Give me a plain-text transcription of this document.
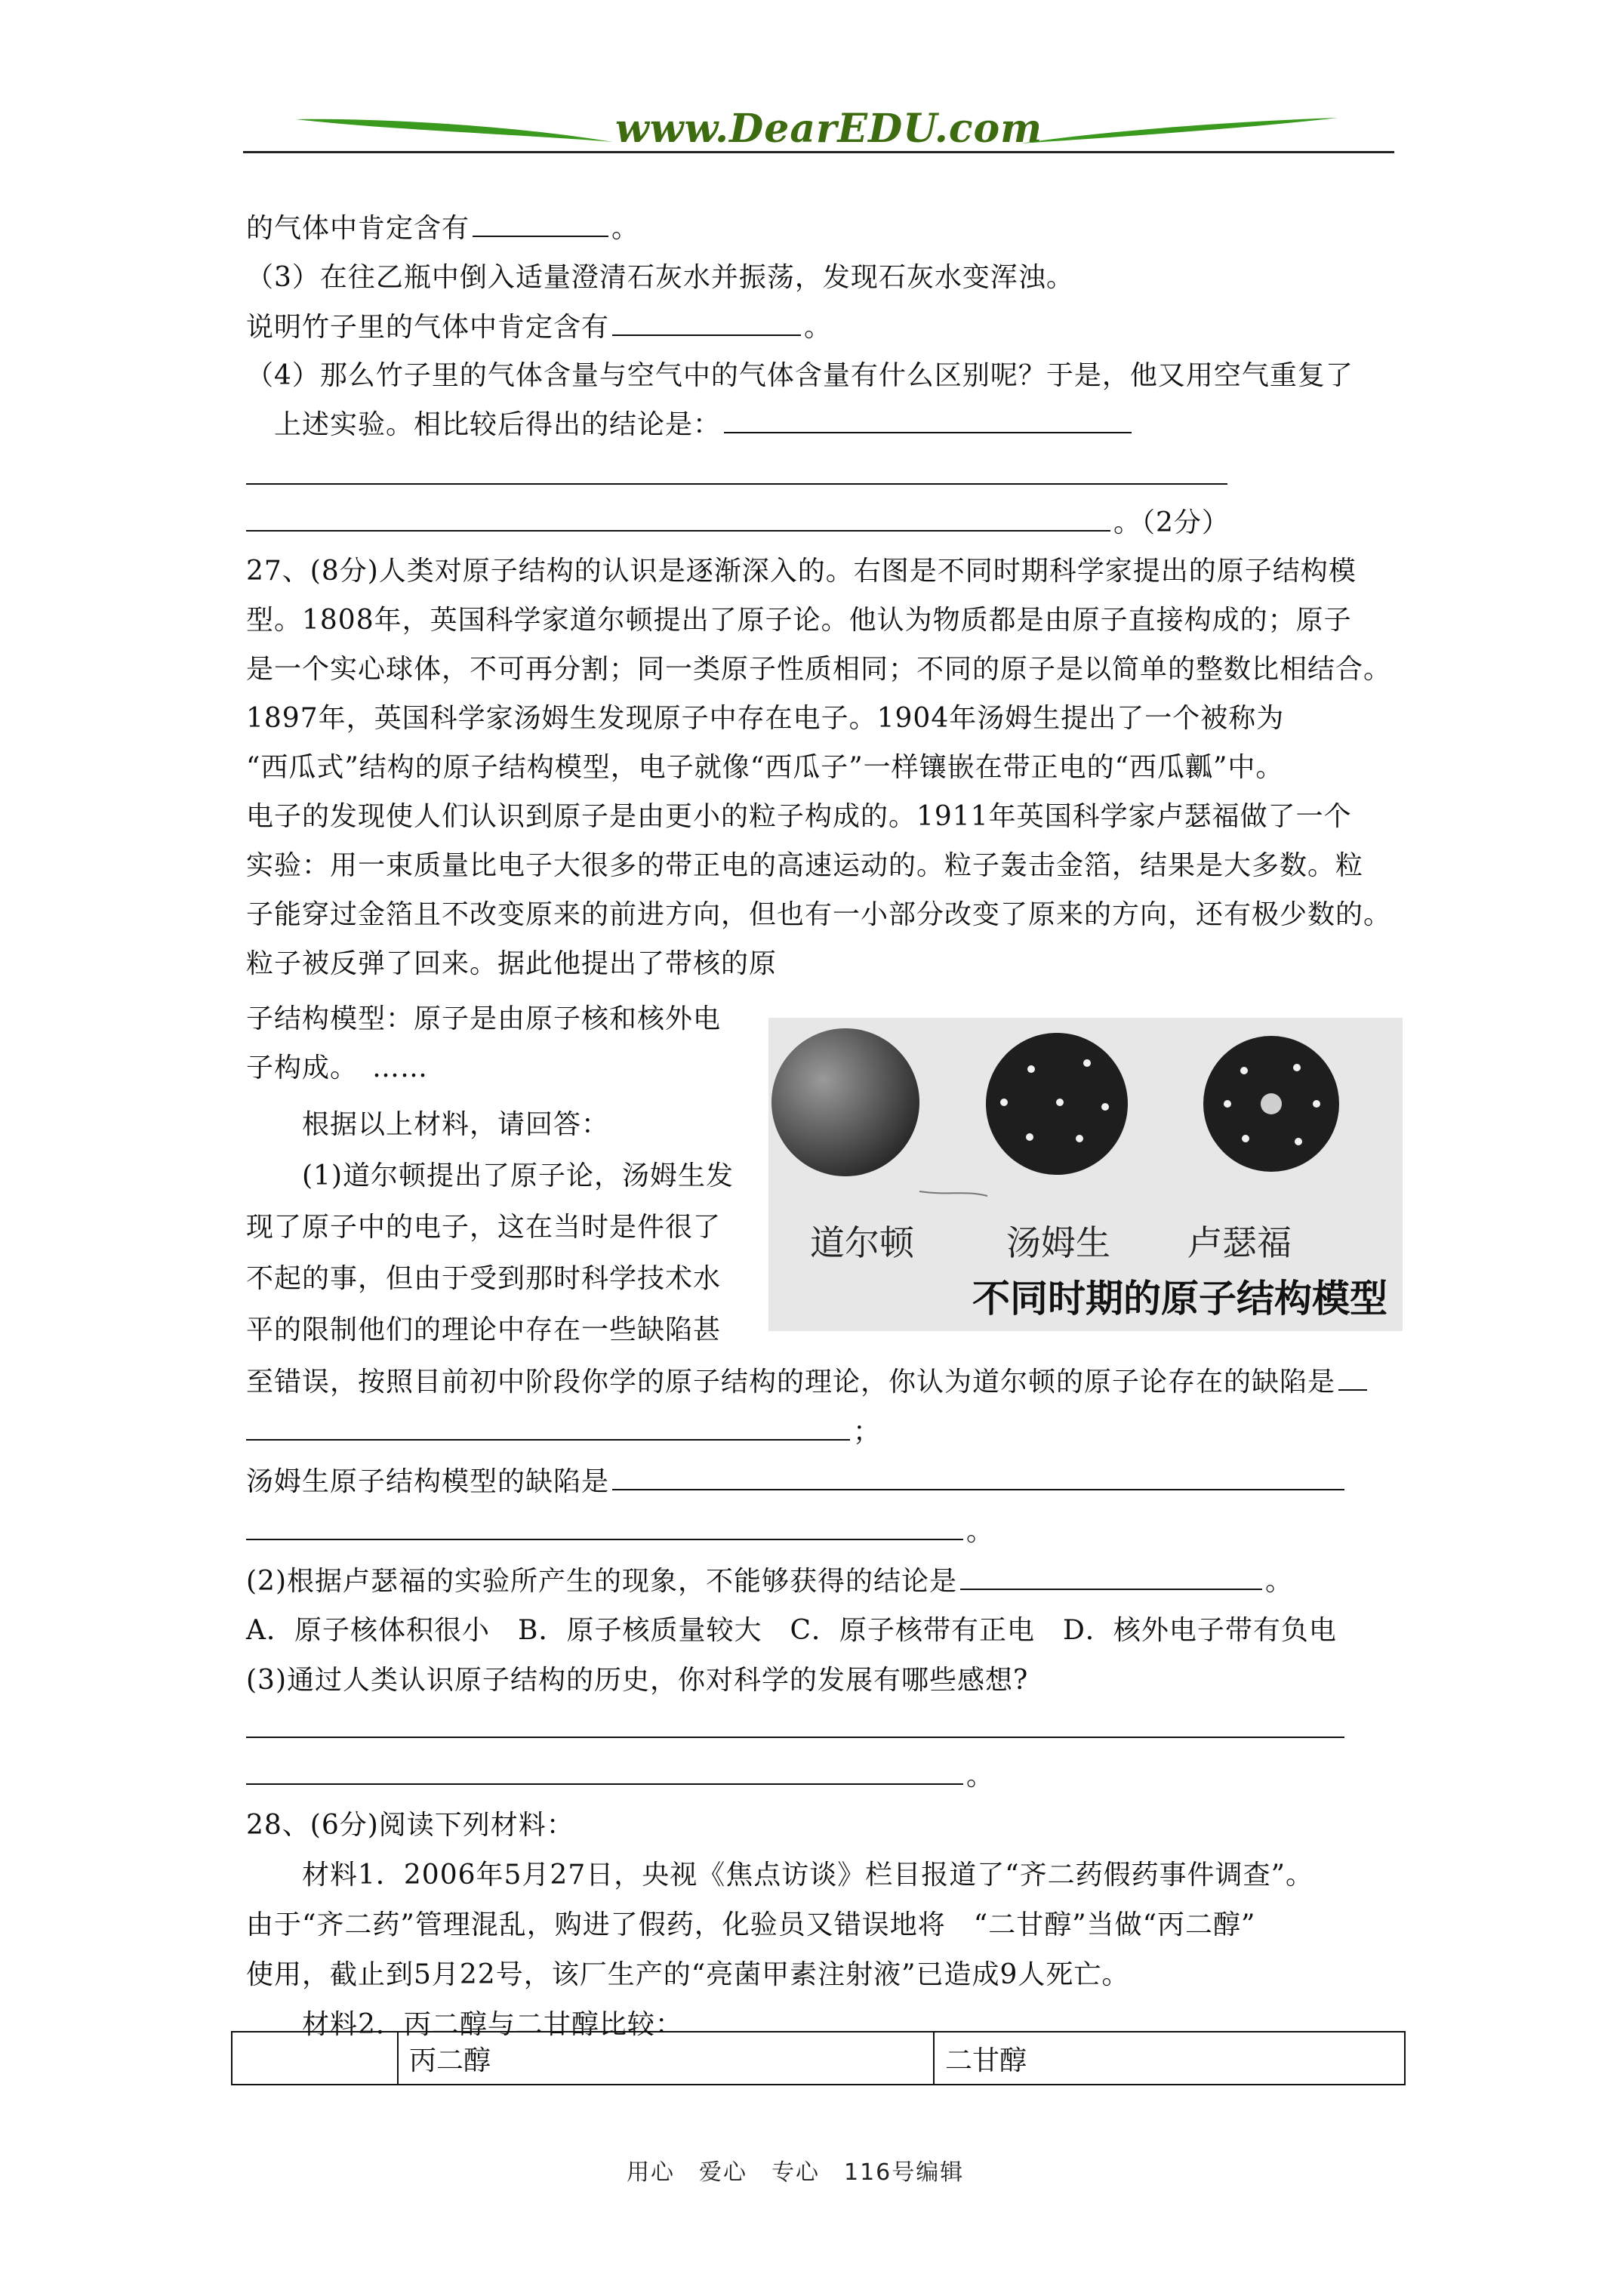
www.DearEDU.com
的气体中肯定含有	。
（3）在往乙瓶中倒入适量澄清石灰水并振荡，发现石灰水变浑浊。
说明竹子里的气体中肯定含有	。
（4）那么竹子里的气体含量与空气中的气体含量有什么区别呢？于是，他又用空气重复了
　上述实验。相比较后得出的结论是：
。（2分）
27、(8分)人类对原子结构的认识是逐渐深入的。右图是不同时期科学家提出的原子结构模
型。1808年，英国科学家道尔顿提出了原子论。他认为物质都是由原子直接构成的；原子
是一个实心球体，不可再分割；同一类原子性质相同；不同的原子是以简单的整数比相结合。
1897年，英国科学家汤姆生发现原子中存在电子。1904年汤姆生提出了一个被称为
“西瓜式”结构的原子结构模型，电子就像“西瓜子”一样镶嵌在带正电的“西瓜瓤”中。
电子的发现使人们认识到原子是由更小的粒子构成的。1911年英国科学家卢瑟福做了一个
实验：用一束质量比电子大很多的带正电的高速运动的。粒子轰击金箔，结果是大多数。粒
子能穿过金箔且不改变原来的前进方向，但也有一小部分改变了原来的方向，还有极少数的。
粒子被反弹了回来。据此他提出了带核的原
子结构模型：原子是由原子核和核外电
子构成。　……
　　根据以上材料，请回答：
　　(1)道尔顿提出了原子论，汤姆生发
现了原子中的电子，这在当时是件很了
不起的事，但由于受到那时科学技术水
平的限制他们的理论中存在一些缺陷甚
道尔顿	汤姆生 卢瑟福
不同时期的原子结构模型
至错误，按照目前初中阶段你学的原子结构的理论，你认为道尔顿的原子论存在的缺陷是
；
汤姆生原子结构模型的缺陷是
。
(2)根据卢瑟福的实验所产生的现象，不能够获得的结论是	。
A．原子核体积很小　B．原子核质量较大　C．原子核带有正电　D．核外电子带有负电
(3)通过人类认识原子结构的历史，你对科学的发展有哪些感想?
。
28、(6分)阅读下列材料：
　　材料1．2006年5月27日，央视《焦点访谈》栏目报道了“齐二药假药事件调查”。
由于“齐二药”管理混乱，购进了假药，化验员又错误地将　“二甘醇”当做“丙二醇”
使用，截止到5月22号，该厂生产的“亮菌甲素注射液”已造成9人死亡。
　　材料2．丙二醇与二甘醇比较：
	丙二醇	二甘醇
用心　爱心　专心　116号编辑
